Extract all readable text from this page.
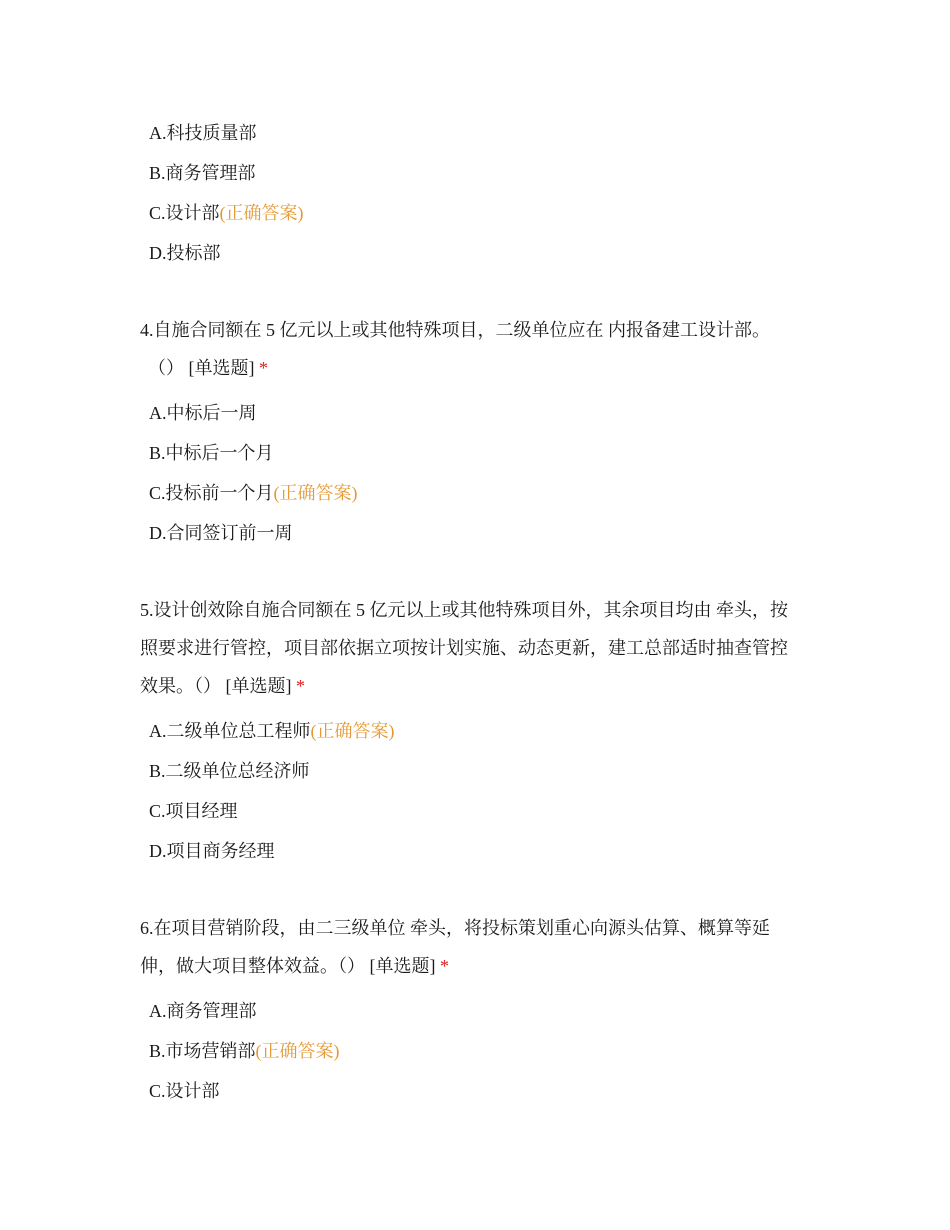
A.科技质量部
B.商务管理部
C.设计部(正确答案)
D.投标部
4.自施合同额在 5 亿元以上或其他特殊项目，二级单位应在 内报备建工设计部。
（） [单选题] *
A.中标后一周
B.中标后一个月
C.投标前一个月(正确答案)
D.合同签订前一周
5.设计创效除自施合同额在 5 亿元以上或其他特殊项目外，其余项目均由 牵头，按
照要求进行管控，项目部依据立项按计划实施、动态更新，建工总部适时抽查管控
效果。（） [单选题] *
A.二级单位总工程师(正确答案)
B.二级单位总经济师
C.项目经理
D.项目商务经理
6.在项目营销阶段，由二三级单位 牵头，将投标策划重心向源头估算、概算等延
伸，做大项目整体效益。（） [单选题] *
A.商务管理部
B.市场营销部(正确答案)
C.设计部
